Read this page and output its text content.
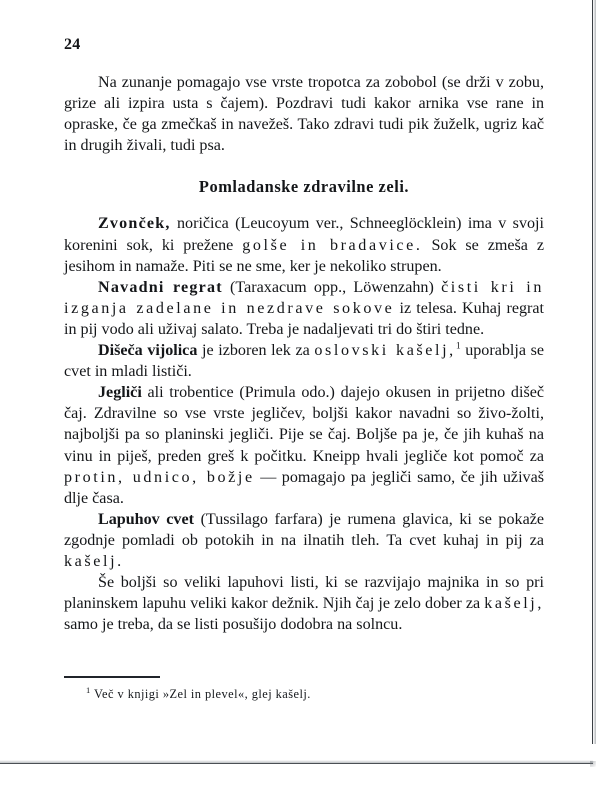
24

Na zunanje pomagajo vse vrste tropotca za zobobol (se drži v zobu, grize ali izpira usta s čajem). Pozdravi tudi kakor arnika vse rane in opraske, če ga zmečkaš in navežeš. Tako zdravi tudi pik žuželk, ugriz kač in drugih živali, tudi psa.

Pomladanske zdravilne zeli.

Zvonček, noričica (Leucoyum ver., Schneeglöcklein) ima v svoji korenini sok, ki prežene golše in bradavice. Sok se zmeša z jesihom in namaže. Piti se ne sme, ker je nekoliko strupen.

Navadni regrat (Taraxacum opp., Löwenzahn) čisti kri in izganja zadelane in nezdrave sokove iz telesa. Kuhaj regrat in pij vodo ali uživaj salato. Treba je nadaljevati tri do štiri tedne.

Dišeča vijolica je izboren lek za oslovski kašelj,$^1$ uporablja se cvet in mladi lističi.

Jegliči ali trobentice (Primula odo.) dajejo okusen in prijetno dišeč čaj. Zdravilne so vse vrste jegličev, boljši kakor navadni so živo-žolti, najboljši pa so planinski jegliči. Pije se čaj. Boljše pa je, če jih kuhaš na vinu in piješ, preden greš k počitku. Kneipp hvali jegliče kot pomoč za protin, udnico, božje — pomagajo pa jegliči samo, če jih uživaš dlje časa.

Lapuhov cvet (Tussilago farfara) je rumena glavica, ki se pokaže zgodnje pomladi ob potokih in na ilnatih tleh. Ta cvet kuhaj in pij za kašelj.

Še boljši so veliki lapuhovi listi, ki se razvijajo majnika in so pri planinskem lapuhu veliki kakor dežnik. Njih čaj je zelo dober za kašelj, samo je treba, da se listi posušijo dodobra na solncu.

$^1$ Več v knjigi »Zel in plevel«, glej kašelj.
